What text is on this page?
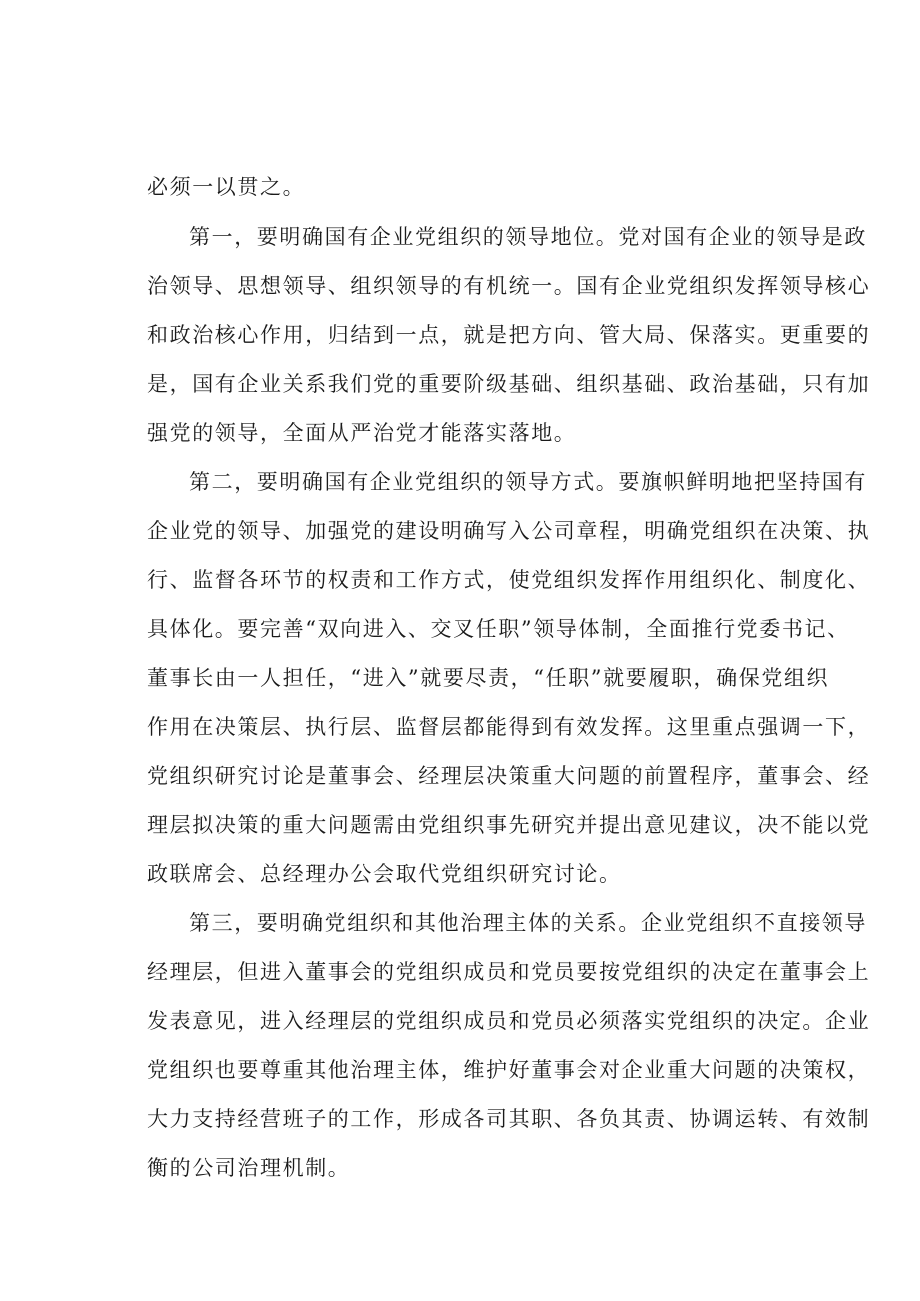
必须一以贯之。
第一，要明确国有企业党组织的领导地位。党对国有企业的领导是政
治领导、思想领导、组织领导的有机统一。国有企业党组织发挥领导核心
和政治核心作用，归结到一点，就是把方向、管大局、保落实。更重要的
是，国有企业关系我们党的重要阶级基础、组织基础、政治基础，只有加
强党的领导，全面从严治党才能落实落地。
第二，要明确国有企业党组织的领导方式。要旗帜鲜明地把坚持国有
企业党的领导、加强党的建设明确写入公司章程，明确党组织在决策、执
行、监督各环节的权责和工作方式，使党组织发挥作用组织化、制度化、
具体化。要完善“双向进入、交叉任职”领导体制，全面推行党委书记、
董事长由一人担任，“进入”就要尽责，“任职”就要履职，确保党组织
作用在决策层、执行层、监督层都能得到有效发挥。这里重点强调一下，
党组织研究讨论是董事会、经理层决策重大问题的前置程序，董事会、经
理层拟决策的重大问题需由党组织事先研究并提出意见建议，决不能以党
政联席会、总经理办公会取代党组织研究讨论。
第三，要明确党组织和其他治理主体的关系。企业党组织不直接领导
经理层，但进入董事会的党组织成员和党员要按党组织的决定在董事会上
发表意见，进入经理层的党组织成员和党员必须落实党组织的决定。企业
党组织也要尊重其他治理主体，维护好董事会对企业重大问题的决策权，
大力支持经营班子的工作，形成各司其职、各负其责、协调运转、有效制
衡的公司治理机制。
